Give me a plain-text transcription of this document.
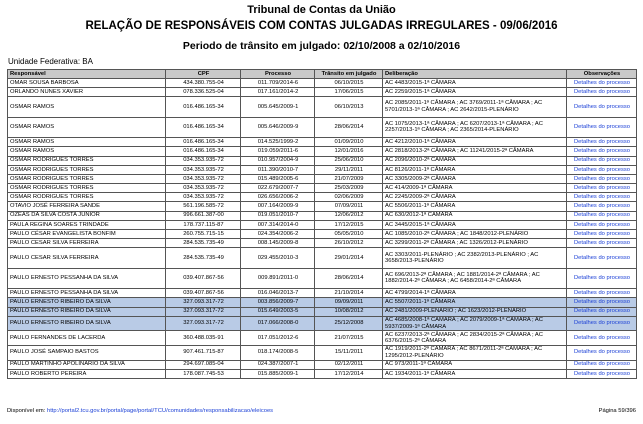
Tribunal de Contas da União
RELAÇÃO DE RESPONSÁVEIS COM CONTAS JULGADAS IRREGULARES - 09/06/2016
Periodo de trânsito em julgado: 02/10/2008 a 02/10/2016
Unidade Federativa: BA
Responsável	CPF	Processo	Trânsito em julgado	Deliberação	Observações
OMAR SOUSA BARBOSA	434.380.755-04	011.709/2014-6	06/10/2015	AC 4483/2015-1ª CÂMARA	Detalhes do processo
ORLANDO NUNES XAVIER	078.336.525-04	017.161/2014-2	17/06/2015	AC 2259/2015-1ª CÂMARA	Detalhes do processo
OSMAR RAMOS	016.486.165-34	005.645/2009-1	06/10/2013	AC 2085/2011-1ª CÂMARA ; AC 3769/2011-1ª CÂMARA ; AC 5701/2013-1ª CÂMARA ; AC 2642/2015-PLENÁRIO	Detalhes do processo
OSMAR RAMOS	016.486.165-34	005.646/2009-9	28/06/2014	AC 1075/2013-1ª CÂMARA ; AC 6207/2013-1ª CÂMARA ; AC 2257/2013-1ª CÂMARA ; AC 2365/2014-PLENÁRIO	Detalhes do processo
OSMAR RAMOS	016.486.165-34	014.525/1999-2	01/09/2010	AC 4212/2010-1ª CÂMARA	Detalhes do processo
OSMAR RAMOS	016.486.165-34	019.059/2011-6	12/01/2016	AC 2818/2013-2ª CÂMARA ; AC 11241/2015-2ª CÂMARA	Detalhes do processo
OSMAR RODRIGUES TORRES	034.353.935-72	010.957/2004-9	25/06/2010	AC 2096/2010-2ª CÂMARA	Detalhes do processo
OSMAR RODRIGUES TORRES	034.353.935-72	011.390/2010-7	29/11/2011	AC 8126/2011-1ª CÂMARA	Detalhes do processo
OSMAR RODRIGUES TORRES	034.353.935-72	015.489/2005-6	21/07/2009	AC 3305/2009-2ª CÂMARA	Detalhes do processo
OSMAR RODRIGUES TORRES	034.353.935-72	022.679/2007-7	25/03/2009	AC 414/2009-1ª CÂMARA	Detalhes do processo
OSMAR RODRIGUES TORRES	034.353.935-72	026.656/2006-2	02/06/2009	AC 2245/2009-2ª CÂMARA	Detalhes do processo
OTAVIO JOSÉ FERREIRA SANDE	561.196.585-72	007.164/2009-9	07/09/2011	AC 5506/2011-1ª CÂMARA	Detalhes do processo
OZEAS DA SILVA COSTA JÚNIOR	996.661.387-00	019.051/2010-7	12/06/2012	AC 630/2012-1ª CÂMARA	Detalhes do processo
PAULA REGINA SOARES TRINDADE	178.737.115-87	007.314/2014-0	17/12/2015	AC 3445/2015-1ª CÂMARA	Detalhes do processo
PAULO CÉSAR EVANGELISTA BONFIM	260.755.715-15	024.354/2006-2	05/05/2010	AC 1085/2010-2ª CÂMARA ; AC 1848/2012-PLENÁRIO	Detalhes do processo
PAULO CESAR SILVA FERREIRA	284.535.735-49	008.145/2009-8	26/10/2012	AC 3299/2011-2ª CÂMARA ; AC 1326/2012-PLENÁRIO	Detalhes do processo
PAULO CESAR SILVA FERREIRA	284.535.735-49	029.455/2010-3	29/01/2014	AC 3303/2011-PLENÁRIO ; AC 2382/2013-PLENÁRIO ; AC 3658/2013-PLENÁRIO	Detalhes do processo
PAULO ERNESTO PESSANHA DA SILVA	039.407.867-56	009.891/2011-0	28/06/2014	AC 696/2013-2ª CÂMARA ; AC 1881/2014-2ª CÂMARA ; AC 1882/2014-2ª CÂMARA ; AC 6458/2014-2ª CÂMARA	Detalhes do processo
PAULO ERNESTO PESSANHA DA SILVA	039.407.867-56	016.046/2013-7	21/10/2014	AC 4799/2014-1ª CÂMARA	Detalhes do processo
PAULO ERNESTO RIBEIRO DA SILVA	327.093.317-72	003.856/2009-7	09/09/2011	AC 5507/2011-1ª CÂMARA	Detalhes do processo
PAULO ERNESTO RIBEIRO DA SILVA	327.093.317-72	015.649/2003-5	10/08/2012	AC 2481/2009-PLENÁRIO ; AC 1623/2012-PLENÁRIO	Detalhes do processo
PAULO ERNESTO RIBEIRO DA SILVA	327.093.317-72	017.066/2008-0	25/12/2008	AC 4685/2008-1ª CÂMARA ; AC 2079/2009-1ª CÂMARA ; AC 5937/2009-1ª CÂMARA	Detalhes do processo
PAULO FERNANDES DE LACERDA	360.488.035-91	017.051/2012-6	21/07/2015	AC 6237/2013-2ª CÂMARA ; AC 2834/2015-2ª CÂMARA ; AC 6376/2015-2ª CÂMARA	Detalhes do processo
PAULO JOSÉ SAMPAIO BASTOS	907.461.715-87	018.174/2008-5	15/11/2011	AC 1919/2011-2ª CÂMARA ; AC 8671/2011-2ª CÂMARA ; AC 1295/2012-PLENÁRIO	Detalhes do processo
PAULO MARTINHO APOLINÁRIO DA SILVA	294.697.085-04	024.387/2007-1	02/12/2011	AC 973/2011-1ª CÂMARA	Detalhes do processo
PAULO ROBERTO PEREIRA	178.087.745-53	015.885/2009-1	17/12/2014	AC 1934/2011-1ª CÂMARA	Detalhes do processo
Disponível em: http://portal2.tcu.gov.br/portal/page/portal/TCU/comunidades/responsabilizacao/eleicoes	Página 59/396
